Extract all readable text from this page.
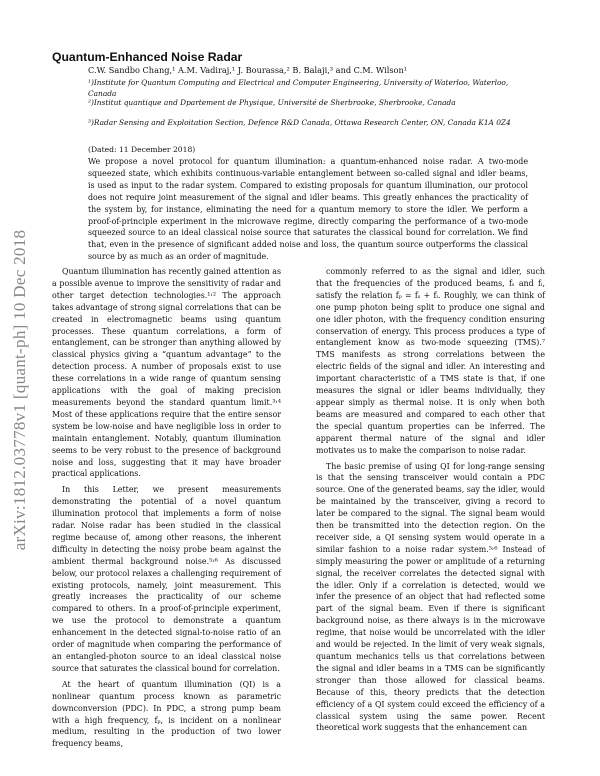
arXiv:1812.03778v1 [quant-ph] 10 Dec 2018
Quantum-Enhanced Noise Radar
C.W. Sandbo Chang,¹ A.M. Vadiraj,¹ J. Bourassa,² B. Balaji,³ and C.M. Wilson¹
¹)Institute for Quantum Computing and Electrical and Computer Engineering, University of Waterloo, Waterloo, Canada
²)Institut quantique and Dpartement de Physique, Université de Sherbrooke, Sherbrooke, Canada
³)Radar Sensing and Exploitation Section, Defence R&D Canada, Ottawa Research Center, ON, Canada K1A 0Z4
(Dated: 11 December 2018)

We propose a novel protocol for quantum illumination: a quantum-enhanced noise radar. A two-mode squeezed state, which exhibits continuous-variable entanglement between so-called signal and idler beams, is used as input to the radar system. Compared to existing proposals for quantum illumination, our protocol does not require joint measurement of the signal and idler beams. This greatly enhances the practicality of the system by, for instance, eliminating the need for a quantum memory to store the idler. We perform a proof-of-principle experiment in the microwave regime, directly comparing the performance of a two-mode squeezed source to an ideal classical noise source that saturates the classical bound for correlation. We find that, even in the presence of significant added noise and loss, the quantum source outperforms the classical source by as much as an order of magnitude.

Quantum illumination has recently gained attention as a possible avenue to improve the sensitivity of radar and other target detection technologies.¹˒² The approach takes advantage of strong signal correlations that can be created in electromagnetic beams using quantum processes. These quantum correlations, a form of entanglement, can be stronger than anything allowed by classical physics giving a “quantum advantage” to the detection process. A number of proposals exist to use these correlations in a wide range of quantum sensing applications with the goal of making precision measurements beyond the standard quantum limit.³˒⁴ Most of these applications require that the entire sensor system be low-noise and have negligible loss in order to maintain entanglement. Notably, quantum illumination seems to be very robust to the presence of background noise and loss, suggesting that it may have broader practical applications.

In this Letter, we present measurements demonstrating the potential of a novel quantum illumination protocol that implements a form of noise radar. Noise radar has been studied in the classical regime because of, among other reasons, the inherent difficulty in detecting the noisy probe beam against the ambient thermal background noise.⁵˒⁶ As discussed below, our protocol relaxes a challenging requirement of existing protocols, namely, joint measurement. This greatly increases the practicality of our scheme compared to others. In a proof-of-principle experiment, we use the protocol to demonstrate a quantum enhancement in the detected signal-to-noise ratio of an order of magnitude when comparing the performance of an entangled-photon source to an ideal classical noise source that saturates the classical bound for correlation.

At the heart of quantum illumination (QI) is a nonlinear quantum process known as parametric downconversion (PDC). In PDC, a strong pump beam with a high frequency, fₚ, is incident on a nonlinear medium, resulting in the production of two lower frequency beams,

commonly referred to as the signal and idler, such that the frequencies of the produced beams, fₛ and fᵢ, satisfy the relation fₚ = fₛ + fᵢ. Roughly, we can think of one pump photon being split to produce one signal and one idler photon, with the frequency condition ensuring conservation of energy. This process produces a type of entanglement know as two-mode squeezing (TMS).⁷ TMS manifests as strong correlations between the electric fields of the signal and idler. An interesting and important characteristic of a TMS state is that, if one measures the signal or idler beams individually, they appear simply as thermal noise. It is only when both beams are measured and compared to each other that the special quantum properties can be inferred. The apparent thermal nature of the signal and idler motivates us to make the comparison to noise radar.

The basic premise of using QI for long-range sensing is that the sensing transceiver would contain a PDC source. One of the generated beams, say the idler, would be maintained by the transceiver, giving a record to later be compared to the signal. The signal beam would then be transmitted into the detection region. On the receiver side, a QI sensing system would operate in a similar fashion to a noise radar system.⁵˒⁶ Instead of simply measuring the power or amplitude of a returning signal, the receiver correlates the detected signal with the idler. Only if a correlation is detected, would we infer the presence of an object that had reflected some part of the signal beam. Even if there is significant background noise, as there always is in the microwave regime, that noise would be uncorrelated with the idler and would be rejected. In the limit of very weak signals, quantum mechanics tells us that correlations between the signal and idler beams in a TMS can be significantly stronger than those allowed for classical beams. Because of this, theory predicts that the detection efficiency of a QI system could exceed the efficiency of a classical system using the same power. Recent theoretical work suggests that the enhancement can
